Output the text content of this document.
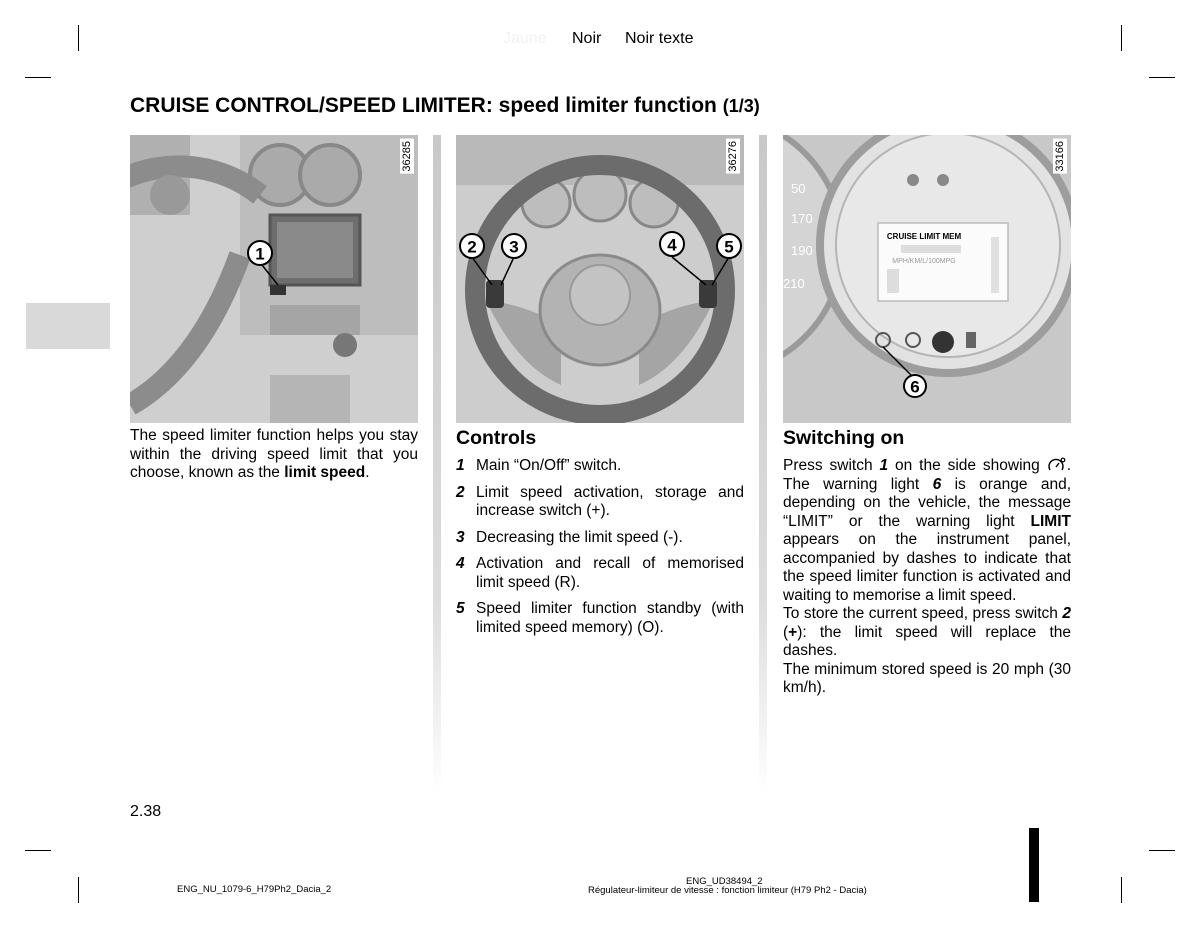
Jaune Noir Noir texte
CRUISE CONTROL/SPEED LIMITER: speed limiter function (1/3)
1
36285
2 3	4	5
36276
50
170
190
210
CRUISE LIMIT MEM
MPH/KM/L/100MPG
6
33166

The speed limiter function helps you stay within the driving speed limit that you choose, known as the limit speed.

Controls
1 Main “On/Off” switch.
2 Limit speed activation, storage and increase switch (+).
3 Decreasing the limit speed (-).
4 Activation and recall of memorised limit speed (R).
5 Speed limiter function standby (with limited speed memory) (O).
Switching on

Press switch 1 on the side showing . The warning light 6 is orange and, depending on the vehicle, the message “LIMIT” or the warning light LIMIT appears on the instrument panel, accompanied by dashes to indicate that the speed limiter function is activated and waiting to memorise a limit speed.

To store the current speed, press switch 2 (+): the limit speed will replace the dashes.

The minimum stored speed is 20 mph (30 km/h).

2.38
ENG_NU_1079-6_H79Ph2_Dacia_2
ENG_UD38494_2
Régulateur-limiteur de vitesse : fonction limiteur (H79 Ph2 - Dacia)
